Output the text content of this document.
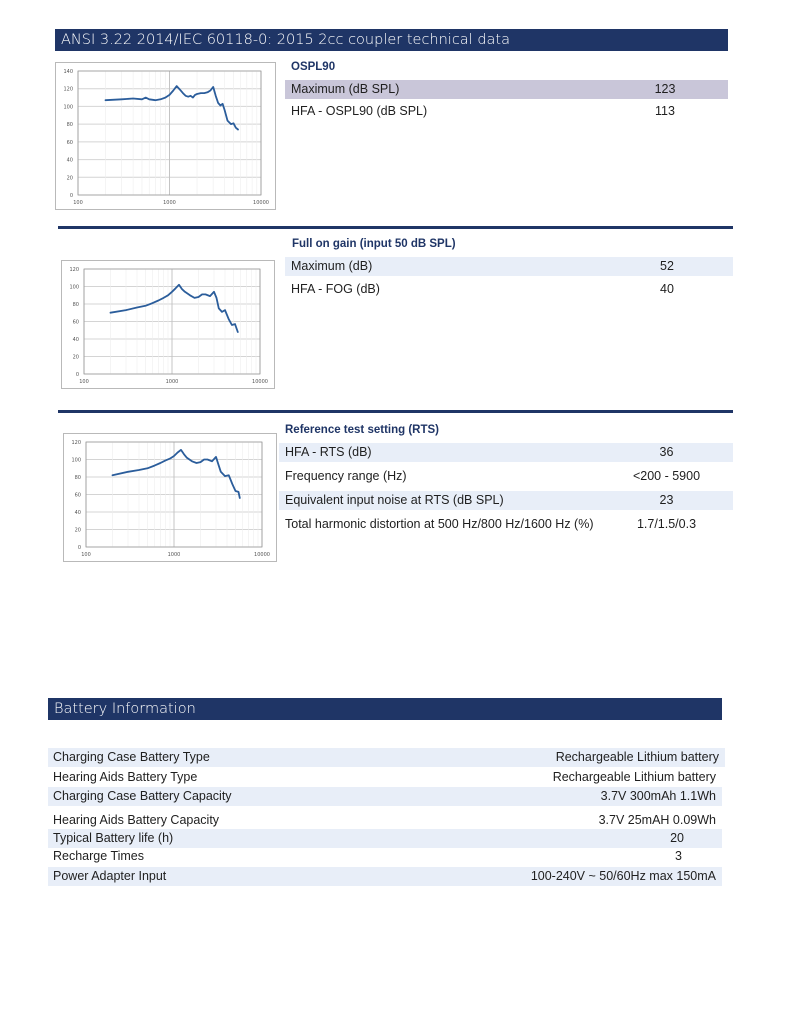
ANSI 3.22 2014/IEC 60118-0: 2015 2cc coupler technical data
0
20
40
60
80
100
120
140
100	1000	10000
OSPL90
Maximum (dB SPL)	123
HFA - OSPL90 (dB SPL)	113
0
20
40
60
80
100
120
100	1000	10000
Full on gain (input 50 dB SPL)
Maximum (dB)	52
HFA - FOG (dB)	40
0
20
40
60
80
100
120
100	1000	10000
Reference test setting (RTS)
HFA - RTS (dB)	36
Frequency range (Hz)	<200 - 5900
Equivalent input noise at RTS (dB SPL)	23
Total harmonic distortion at 500 Hz/800 Hz/1600 Hz (%)	1.7/1.5/0.3
Battery Information
Charging Case Battery Type	Rechargeable Lithium battery
Hearing Aids Battery Type	Rechargeable Lithium battery
Charging Case Battery Capacity	3.7V 300mAh 1.1Wh
Hearing Aids Battery Capacity	3.7V 25mAH 0.09Wh
Typical Battery life (h)	20
Recharge Times	3
Power Adapter Input	100-240V ~ 50/60Hz max 150mA
